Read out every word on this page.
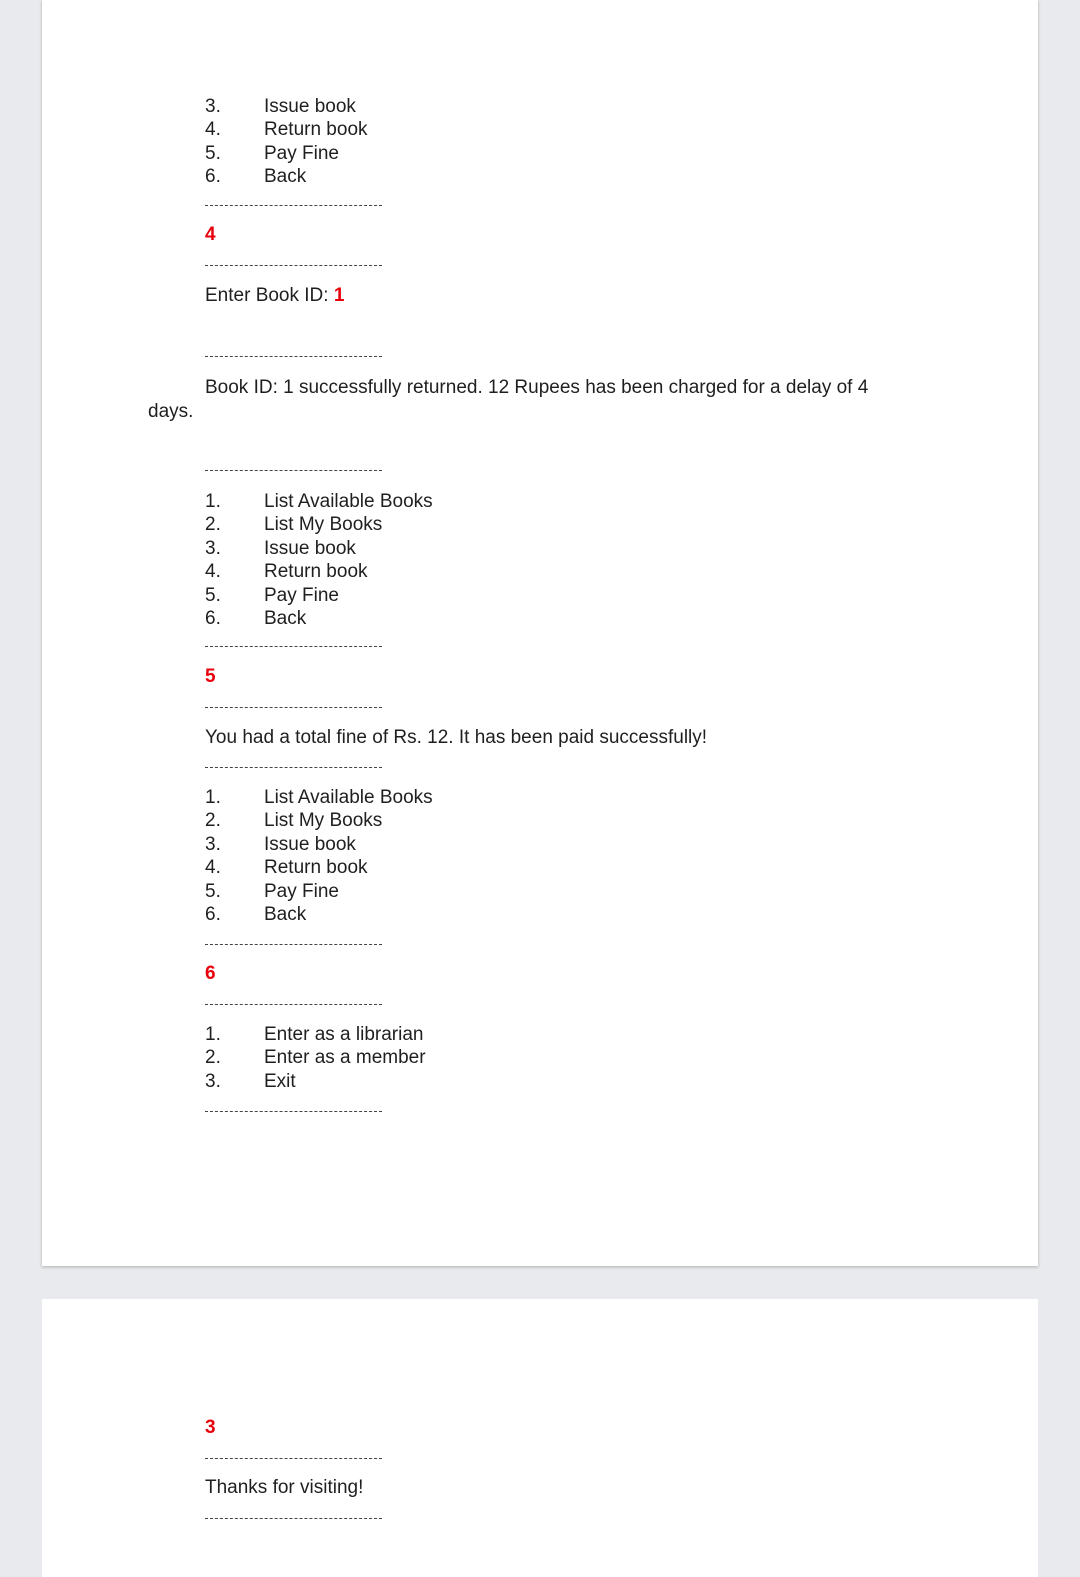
3. Issue book
4. Return book
5. Pay Fine
6. Back
4
Enter Book ID: 1
Book ID: 1 successfully returned. 12 Rupees has been charged for a delay of 4
days.
1. List Available Books
2. List My Books
3. Issue book
4. Return book
5. Pay Fine
6. Back
5
You had a total fine of Rs. 12. It has been paid successfully!
1. List Available Books
2. List My Books
3. Issue book
4. Return book
5. Pay Fine
6. Back
6
1. Enter as a librarian
2. Enter as a member
3. Exit
3
Thanks for visiting!
